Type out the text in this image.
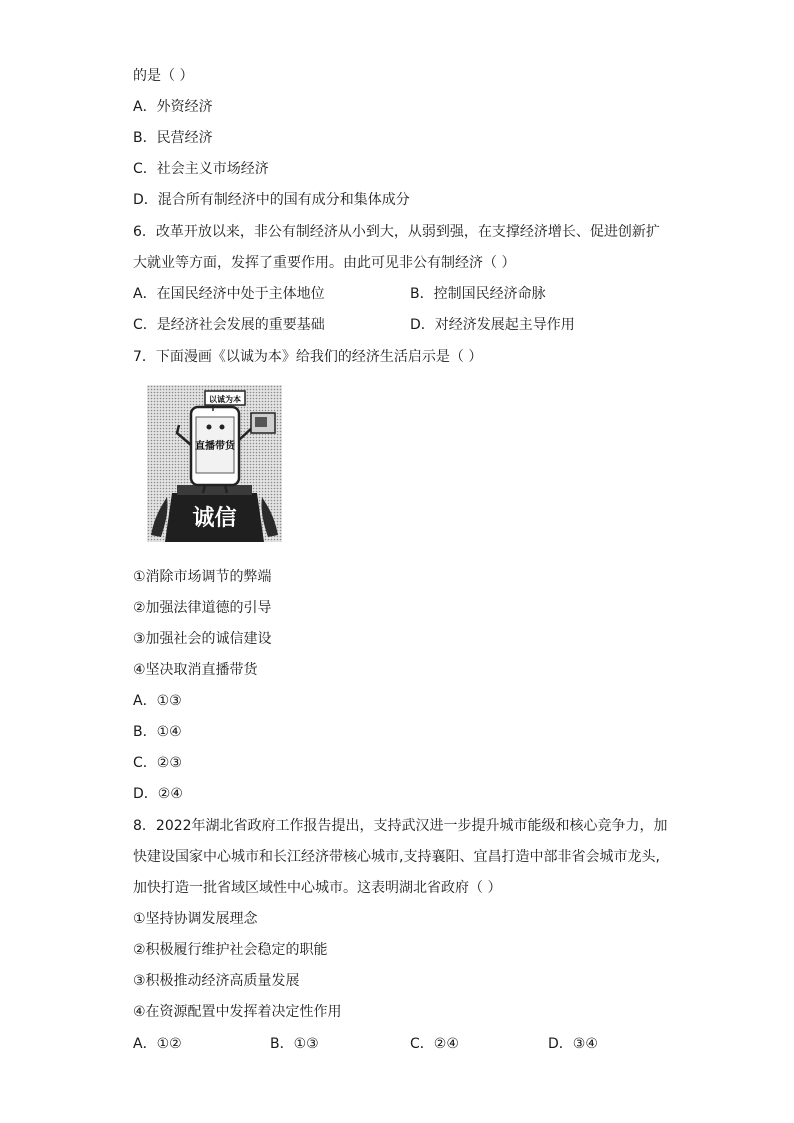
的是（ ）
A．外资经济
B．民营经济
C．社会主义市场经济
D．混合所有制经济中的国有成分和集体成分
6．改革开放以来，非公有制经济从小到大，从弱到强，在支撑经济增长、促进创新扩
大就业等方面，发挥了重要作用。由此可见非公有制经济（ ）
A．在国民经济中处于主体地位	B．控制国民经济命脉
C．是经济社会发展的重要基础	D．对经济发展起主导作用
7．下面漫画《以诚为本》给我们的经济生活启示是（ ）
诚信
直播带货
以诚为本
①消除市场调节的弊端
②加强法律道德的引导
③加强社会的诚信建设
④坚决取消直播带货
A．①③
B．①④
C．②③
D．②④
8．2022年湖北省政府工作报告提出，支持武汉进一步提升城市能级和核心竞争力，加
快建设国家中心城市和长江经济带核心城市,支持襄阳、宜昌打造中部非省会城市龙头,
加快打造一批省域区域性中心城市。这表明湖北省政府（ ）
①坚持协调发展理念
②积极履行维护社会稳定的职能
③积极推动经济高质量发展
④在资源配置中发挥着决定性作用
A．①②	B．①③	C．②④	D．③④
